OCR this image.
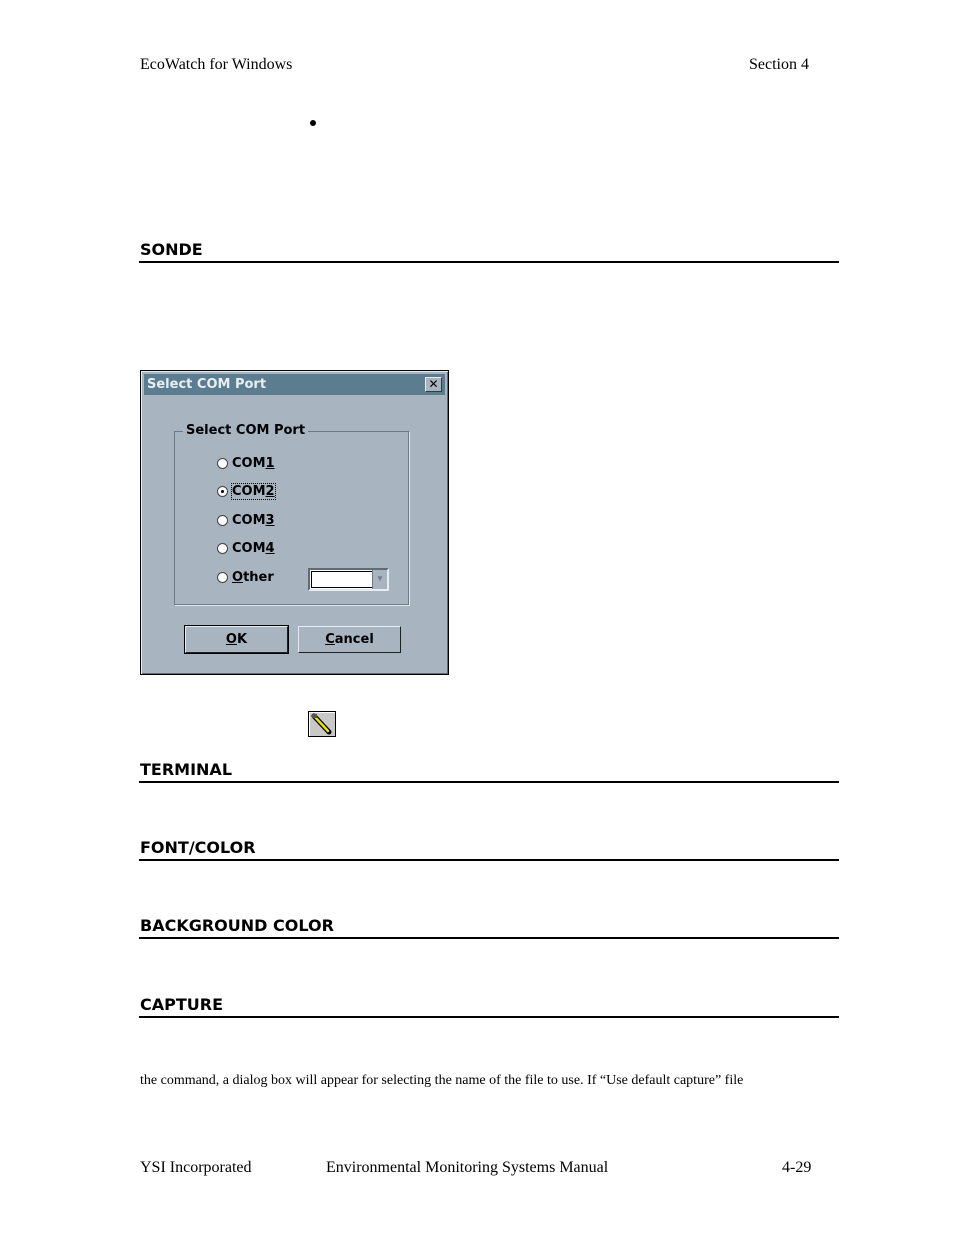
EcoWatch for Windows	Section 4
SONDE
Select COM Port	✕
Select COM Port
COM1
COM2
COM3
COM4
Other	▼
O K	C ancel
TERMINAL
FONT/COLOR
BACKGROUND COLOR
CAPTURE
the command, a dialog box will appear for selecting the name of the file to use. If “Use default capture” file
YSI Incorporated	Environmental Monitoring Systems Manual	4-29
